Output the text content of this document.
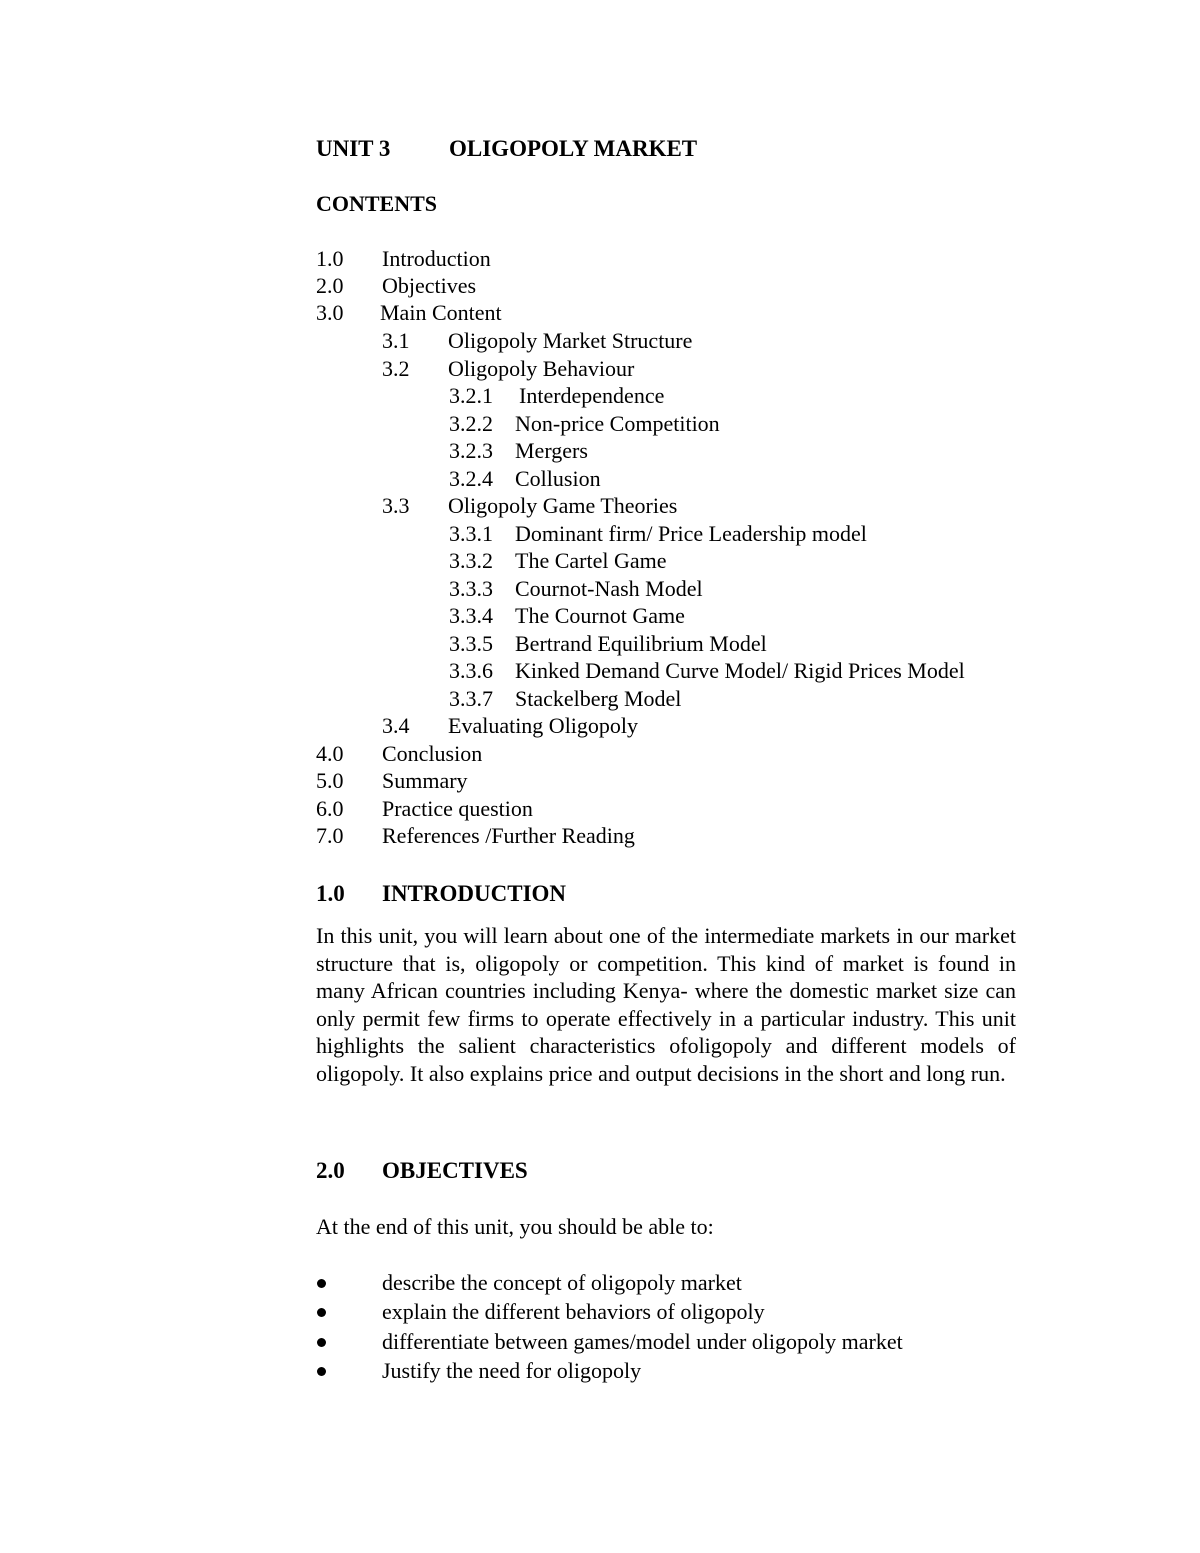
UNIT 3	OLIGOPOLY MARKET
CONTENTS
1.0 Introduction
2.0 Objectives
3.0 Main Content
3.1 Oligopoly Market Structure
3.2 Oligopoly Behaviour
3.2.1 Interdependence
3.2.2 Non-price Competition
3.2.3 Mergers
3.2.4 Collusion
3.3 Oligopoly Game Theories
3.3.1 Dominant firm/ Price Leadership model
3.3.2 The Cartel Game
3.3.3 Cournot-Nash Model
3.3.4 The Cournot Game
3.3.5 Bertrand Equilibrium Model
3.3.6 Kinked Demand Curve Model/ Rigid Prices Model
3.3.7 Stackelberg Model
3.4 Evaluating Oligopoly
4.0 Conclusion
5.0 Summary
6.0 Practice question
7.0 References /Further Reading
1.0 INTRODUCTION

In this unit, you will learn about one of the intermediate markets in our market structure that is, oligopoly or competition. This kind of market is found in many African countries including Kenya- where the domestic market size can only permit few firms to operate effectively in a particular industry. This unit highlights the salient characteristics ofoligopoly and different models of oligopoly. It also explains price and output decisions in the short and long run.

2.0 OBJECTIVES
At the end of this unit, you should be able to:
describe the concept of oligopoly market
explain the different behaviors of oligopoly
differentiate between games/model under oligopoly market
Justify the need for oligopoly
